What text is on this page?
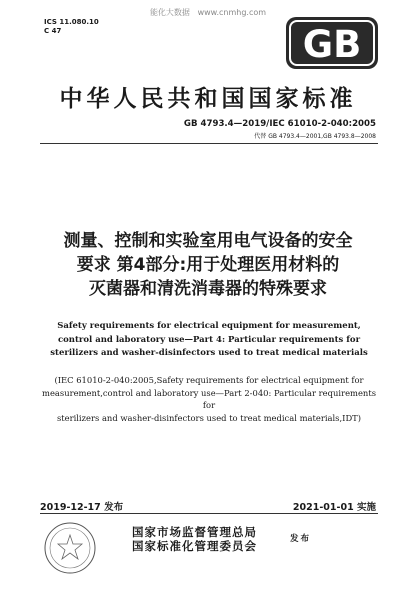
能化大数据   www.cnmhg.com
ICS 11.080.10
C 47	GB
中华人民共和国国家标准
GB 4793.4—2019/IEC 61010-2-040:2005
代替 GB 4793.4—2001,GB 4793.8—2008
测量、控制和实验室用电气设备的安全
要求 第4部分:用于处理医用材料的
灭菌器和清洗消毒器的特殊要求
Safety requirements for electrical equipment for measurement,
control and laboratory use—Part 4: Particular requirements for
sterilizers and washer-disinfectors used to treat medical materials
(IEC 61010-2-040:2005,Safety requirements for electrical equipment for
measurement,control and laboratory use—Part 2-040: Particular requirements for
sterilizers and washer-disinfectors used to treat medical materials,IDT)
2019-12-17 发布	2021-01-01 实施
国家市场监督管理总局
国家标准化管理委员会	发布
